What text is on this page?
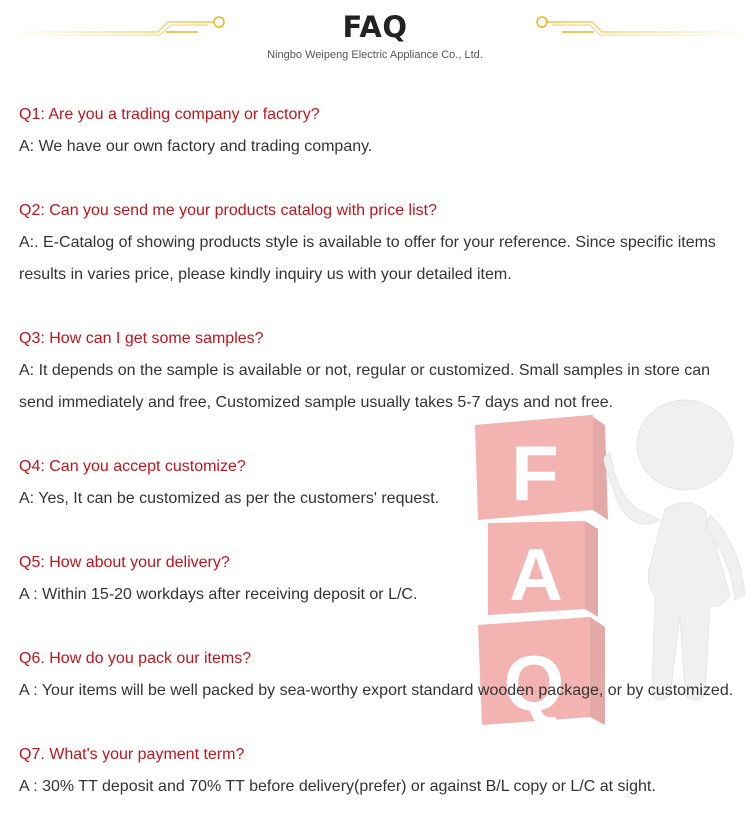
FAQ
Ningbo Weipeng Electric Appliance Co., Ltd.
F
A
Q
Q1: Are you a trading company or factory?
A: We have our own factory and trading company.
Q2: Can you send me your products catalog with price list?
A:. E-Catalog of showing products style is available to offer for your reference. Since specific items results in varies price, please kindly inquiry us with your detailed item.
Q3: How can I get some samples?
A: It depends on the sample is available or not, regular or customized. Small samples in store can send immediately and free, Customized sample usually takes 5-7 days and not free.
Q4: Can you accept customize?
A: Yes, It can be customized as per the customers' request.
Q5: How about your delivery?
A : Within 15-20 workdays after receiving deposit or L/C.
Q6. How do you pack our items?
A : Your items will be well packed by sea-worthy export standard wooden package, or by customized.
Q7. What's your payment term?
A : 30% TT deposit and 70% TT before delivery(prefer) or against B/L copy or L/C at sight.
